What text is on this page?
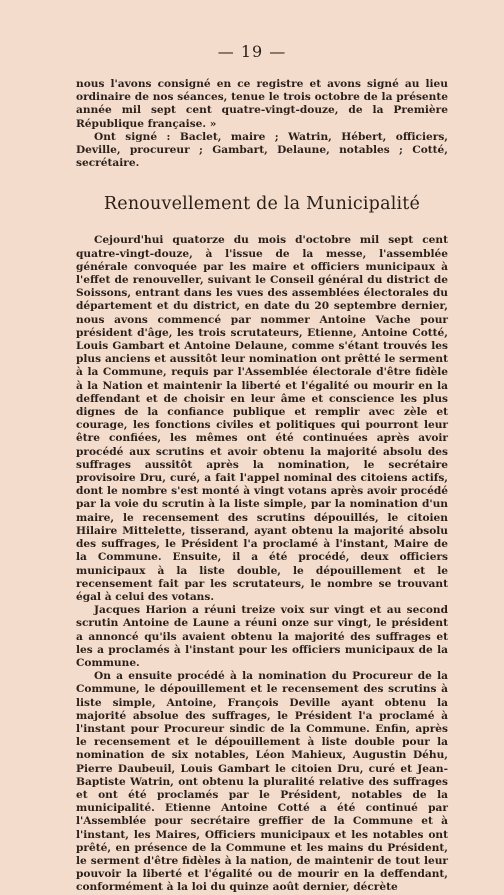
— 19 —

nous l'avons consigné en ce registre et avons signé au lieu ordinaire de nos séances, tenue le trois octobre de la présente année mil sept cent quatre-vingt-douze, de la Première République française. »

Ont signé : Baclet, maire ; Watrin, Hébert, officiers, Deville, procureur ; Gambart, Delaune, notables ; Cotté, secrétaire.

Renouvellement de la Municipalité

Cejourd'hui quatorze du mois d'octobre mil sept cent quatre-vingt-douze, à l'issue de la messe, l'assemblée générale convoquée par les maire et officiers municipaux à l'effet de renouveller, suivant le Conseil général du district de Soissons, entrant dans les vues des assemblées électorales du département et du district, en date du 20 septembre dernier, nous avons commencé par nommer Antoine Vache pour président d'âge, les trois scrutateurs, Etienne, Antoine Cotté, Louis Gambart et Antoine Delaune, comme s'étant trouvés les plus anciens et aussitôt leur nomination ont prêtté le serment à la Commune, requis par l'Assemblée électorale d'être fidèle à la Nation et maintenir la liberté et l'égalité ou mourir en la deffendant et de choisir en leur âme et conscience les plus dignes de la confiance publique et remplir avec zèle et courage, les fonctions civiles et politiques qui pourront leur être confiées, les mêmes ont été continuées après avoir procédé aux scrutins et avoir obtenu la majorité absolu des suffrages aussitôt après la nomination, le secrétaire provisoire Dru, curé, a fait l'appel nominal des citoiens actifs, dont le nombre s'est monté à vingt votans après avoir procédé par la voie du scrutin à la liste simple, par la nomination d'un maire, le recensement des scrutins dépouillés, le citoien Hilaire Mittelette, tisserand, ayant obtenu la majorité absolu des suffrages, le Président l'a proclamé à l'instant, Maire de la Commune. Ensuite, il a été procédé, deux officiers municipaux à la liste double, le dépouillement et le recensement fait par les scrutateurs, le nombre se trouvant égal à celui des votans.

Jacques Harion a réuni treize voix sur vingt et au second scrutin Antoine de Laune a réuni onze sur vingt, le président a annoncé qu'ils avaient obtenu la majorité des suffrages et les a proclamés à l'instant pour les officiers municipaux de la Commune.

On a ensuite procédé à la nomination du Procureur de la Commune, le dépouillement et le recensement des scrutins à liste simple, Antoine, François Deville ayant obtenu la majorité absolue des suffrages, le Président l'a proclamé à l'instant pour Procureur sindic de la Commune. Enfin, après le recensement et le dépouillement à liste double pour la nomination de six notables, Léon Mahieux, Augustin Déhu, Pierre Daubeuil, Louis Gambart le citoien Dru, curé et Jean-Baptiste Watrin, ont obtenu la pluralité relative des suffrages et ont été proclamés par le Président, notables de la municipalité. Etienne Antoine Cotté a été continué par l'Assemblée pour secrétaire greffier de la Commune et à l'instant, les Maires, Officiers municipaux et les notables ont prêté, en présence de la Commune et les mains du Président, le serment d'être fidèles à la nation, de maintenir de tout leur pouvoir la liberté et l'égalité ou de mourir en la deffendant, conformément à la loi du quinze août dernier, décrète
